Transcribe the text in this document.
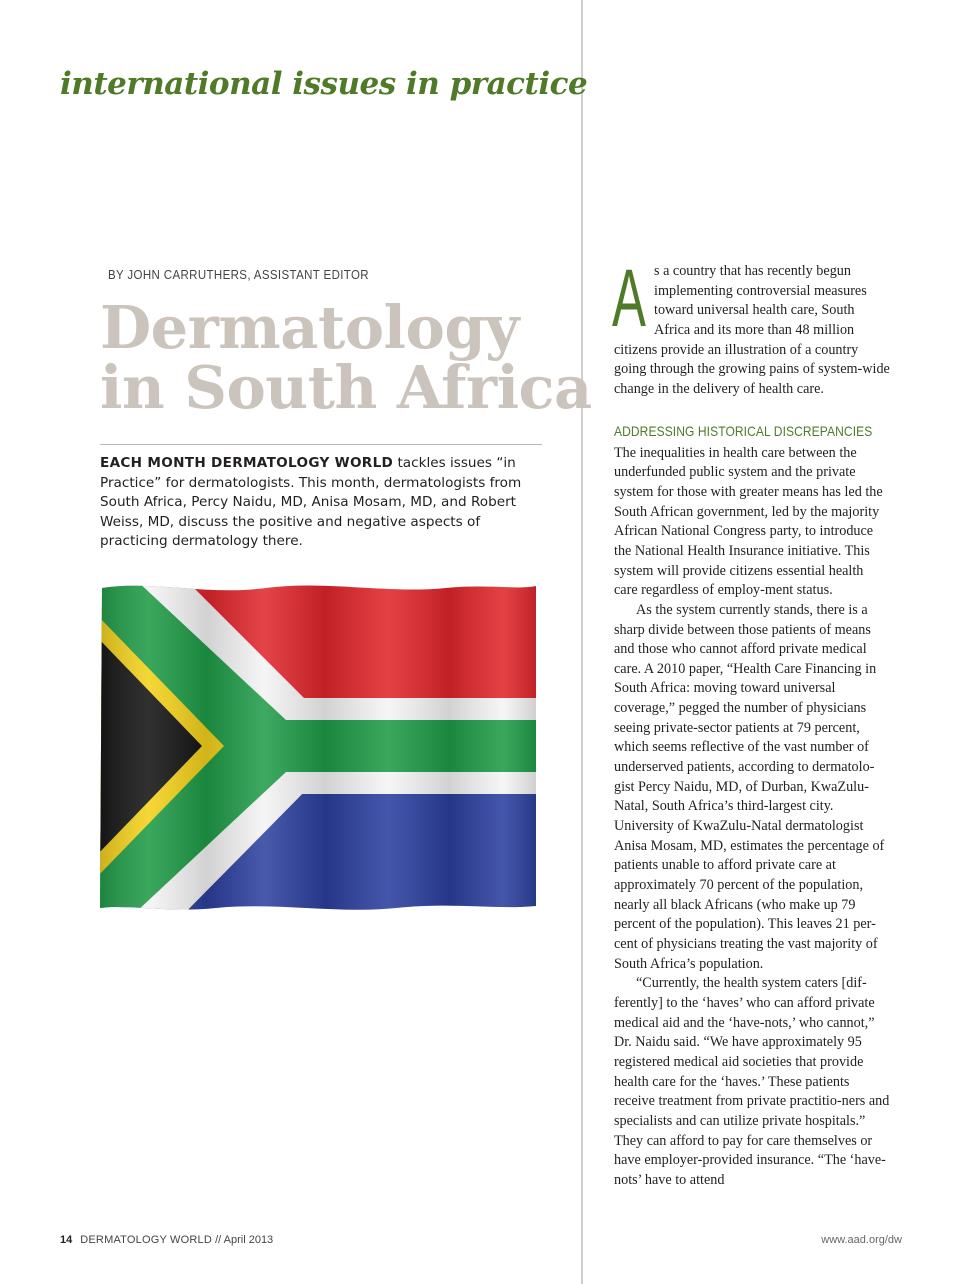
international issues in practice
BY JOHN CARRUTHERS, ASSISTANT EDITOR
Dermatology
in South Africa

EACH MONTH DERMATOLOGY WORLD tackles issues “in Practice” for dermatologists. This month, dermatologists from South Africa, Percy Naidu, MD, Anisa Mosam, MD, and Robert Weiss, MD, discuss the positive and negative aspects of practicing dermatology there.

As a country that has recently begun implementing controversial measures toward universal health care, South Africa and its more than 48 million citizens provide an illustration of a country going through the growing pains of system-wide change in the delivery of health care.

ADDRESSING HISTORICAL DISCREPANCIES

The inequalities in health care between the underfunded public system and the private system for those with greater means has led the South African government, led by the majority African National Congress party, to introduce the National Health Insurance initiative. This system will provide citizens essential health care regardless of employ-ment status.

As the system currently stands, there is a sharp divide between those patients of means and those who cannot afford private medical care. A 2010 paper, “Health Care Financing in South Africa: moving toward universal coverage,” pegged the number of physicians seeing private-sector patients at 79 percent, which seems reflective of the vast number of underserved patients, according to dermatolo-gist Percy Naidu, MD, of Durban, KwaZulu-Natal, South Africa’s third-largest city. University of KwaZulu-Natal dermatologist Anisa Mosam, MD, estimates the percentage of patients unable to afford private care at approximately 70 percent of the population, nearly all black Africans (who make up 79 percent of the population). This leaves 21 per-cent of physicians treating the vast majority of South Africa’s population.

“Currently, the health system caters [dif-ferently] to the ‘haves’ who can afford private medical aid and the ‘have-nots,’ who cannot,” Dr. Naidu said. “We have approximately 95 registered medical aid societies that provide health care for the ‘haves.’ These patients receive treatment from private practitio-ners and specialists and can utilize private hospitals.” They can afford to pay for care themselves or have employer-provided insurance. “The ‘have-nots’ have to attend

14 DERMATOLOGY WORLD // April 2013	www.aad.org/dw
